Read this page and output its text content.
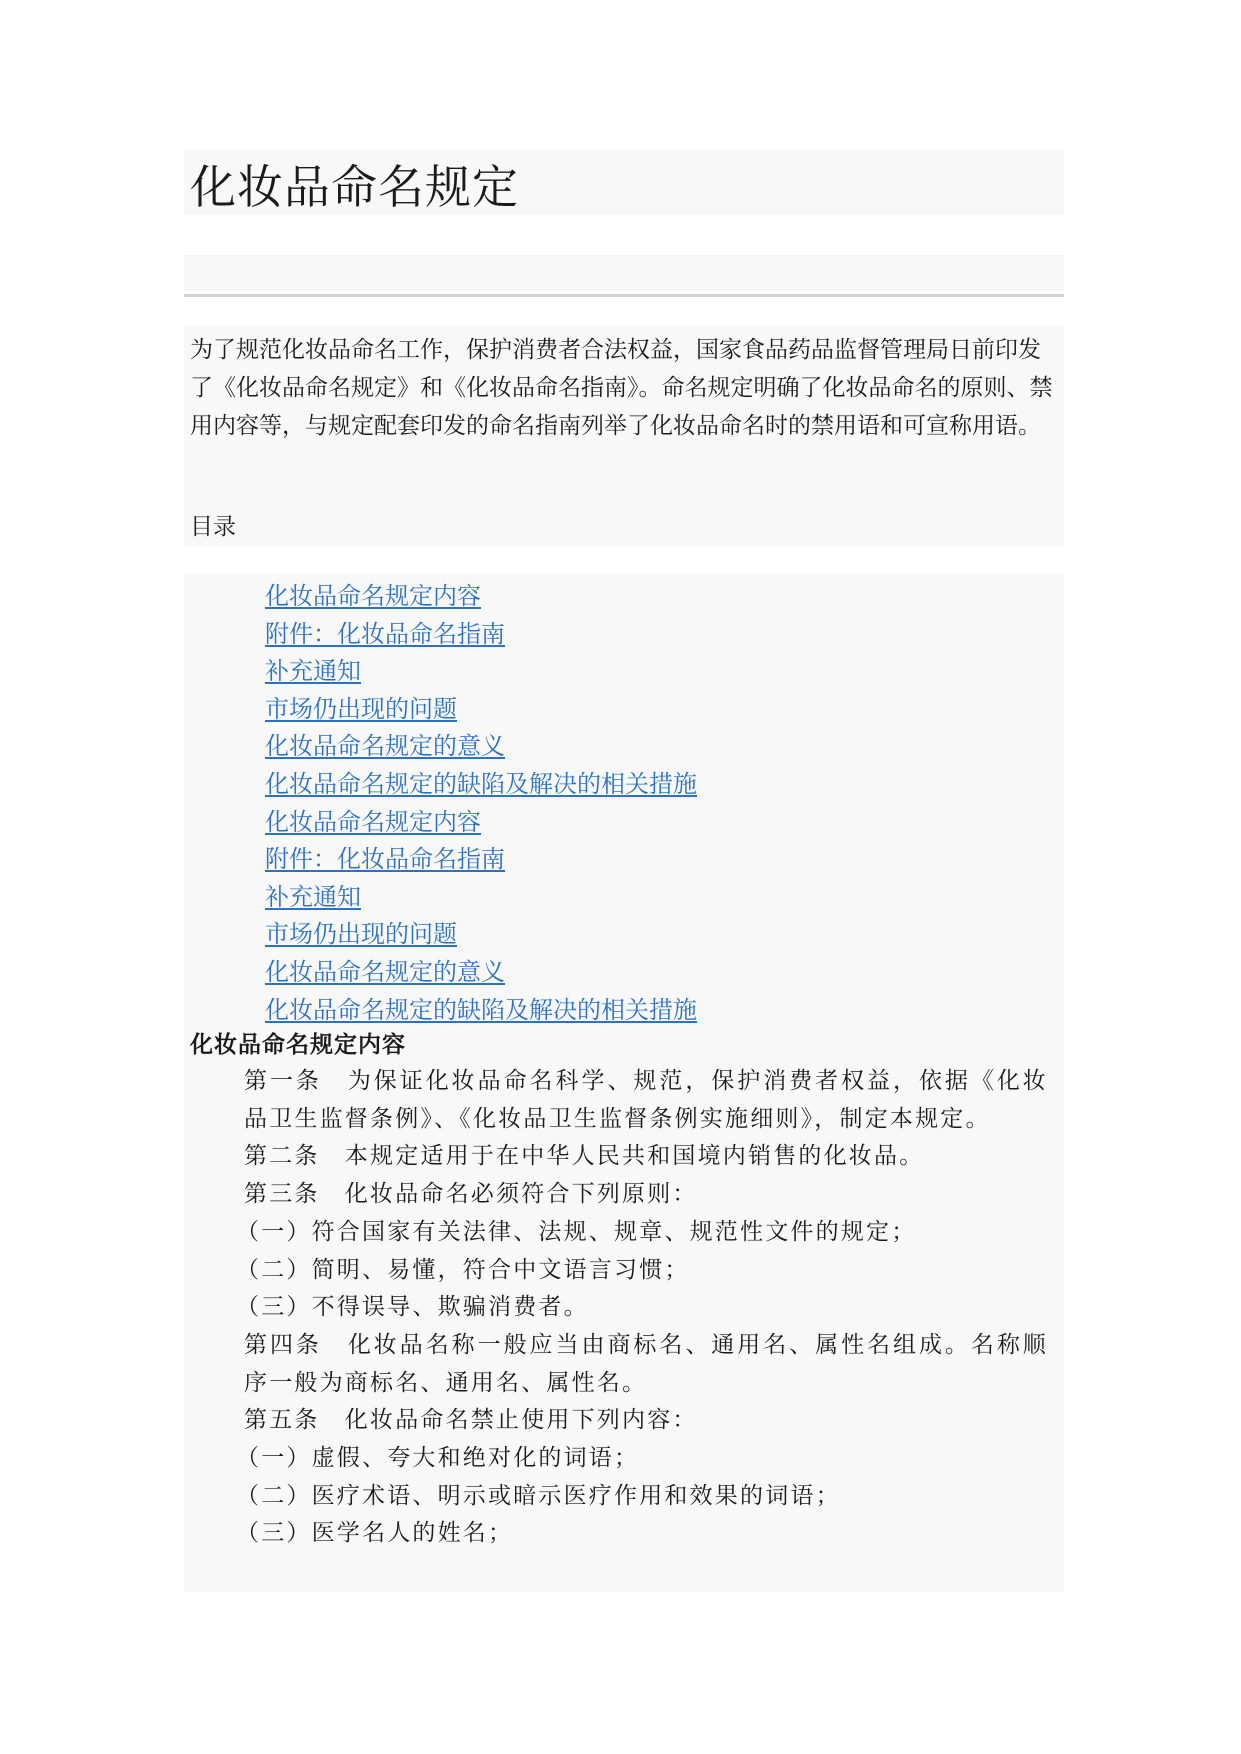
化妆品命名规定

为了规范化妆品命名工作，保护消费者合法权益，国家食品药品监督管理局日前印发了《化妆品命名规定》和《化妆品命名指南》。命名规定明确了化妆品命名的原则、禁用内容等，与规定配套印发的命名指南列举了化妆品命名时的禁用语和可宣称用语。

目录

化妆品命名规定内容
附件：化妆品命名指南
补充通知
市场仍出现的问题
化妆品命名规定的意义
化妆品命名规定的缺陷及解决的相关措施
化妆品命名规定内容
附件：化妆品命名指南
补充通知
市场仍出现的问题
化妆品命名规定的意义
化妆品命名规定的缺陷及解决的相关措施
化妆品命名规定内容

第一条　为保证化妆品命名科学、规范，保护消费者权益，依据《化妆品卫生监督条例》、《化妆品卫生监督条例实施细则》，制定本规定。

第二条　本规定适用于在中华人民共和国境内销售的化妆品。

第三条　化妆品命名必须符合下列原则：

（一）符合国家有关法律、法规、规章、规范性文件的规定；

（二）简明、易懂，符合中文语言习惯；

（三）不得误导、欺骗消费者。

第四条　化妆品名称一般应当由商标名、通用名、属性名组成。名称顺序一般为商标名、通用名、属性名。

第五条　化妆品命名禁止使用下列内容：

（一）虚假、夸大和绝对化的词语；

（二）医疗术语、明示或暗示医疗作用和效果的词语；

（三）医学名人的姓名；
